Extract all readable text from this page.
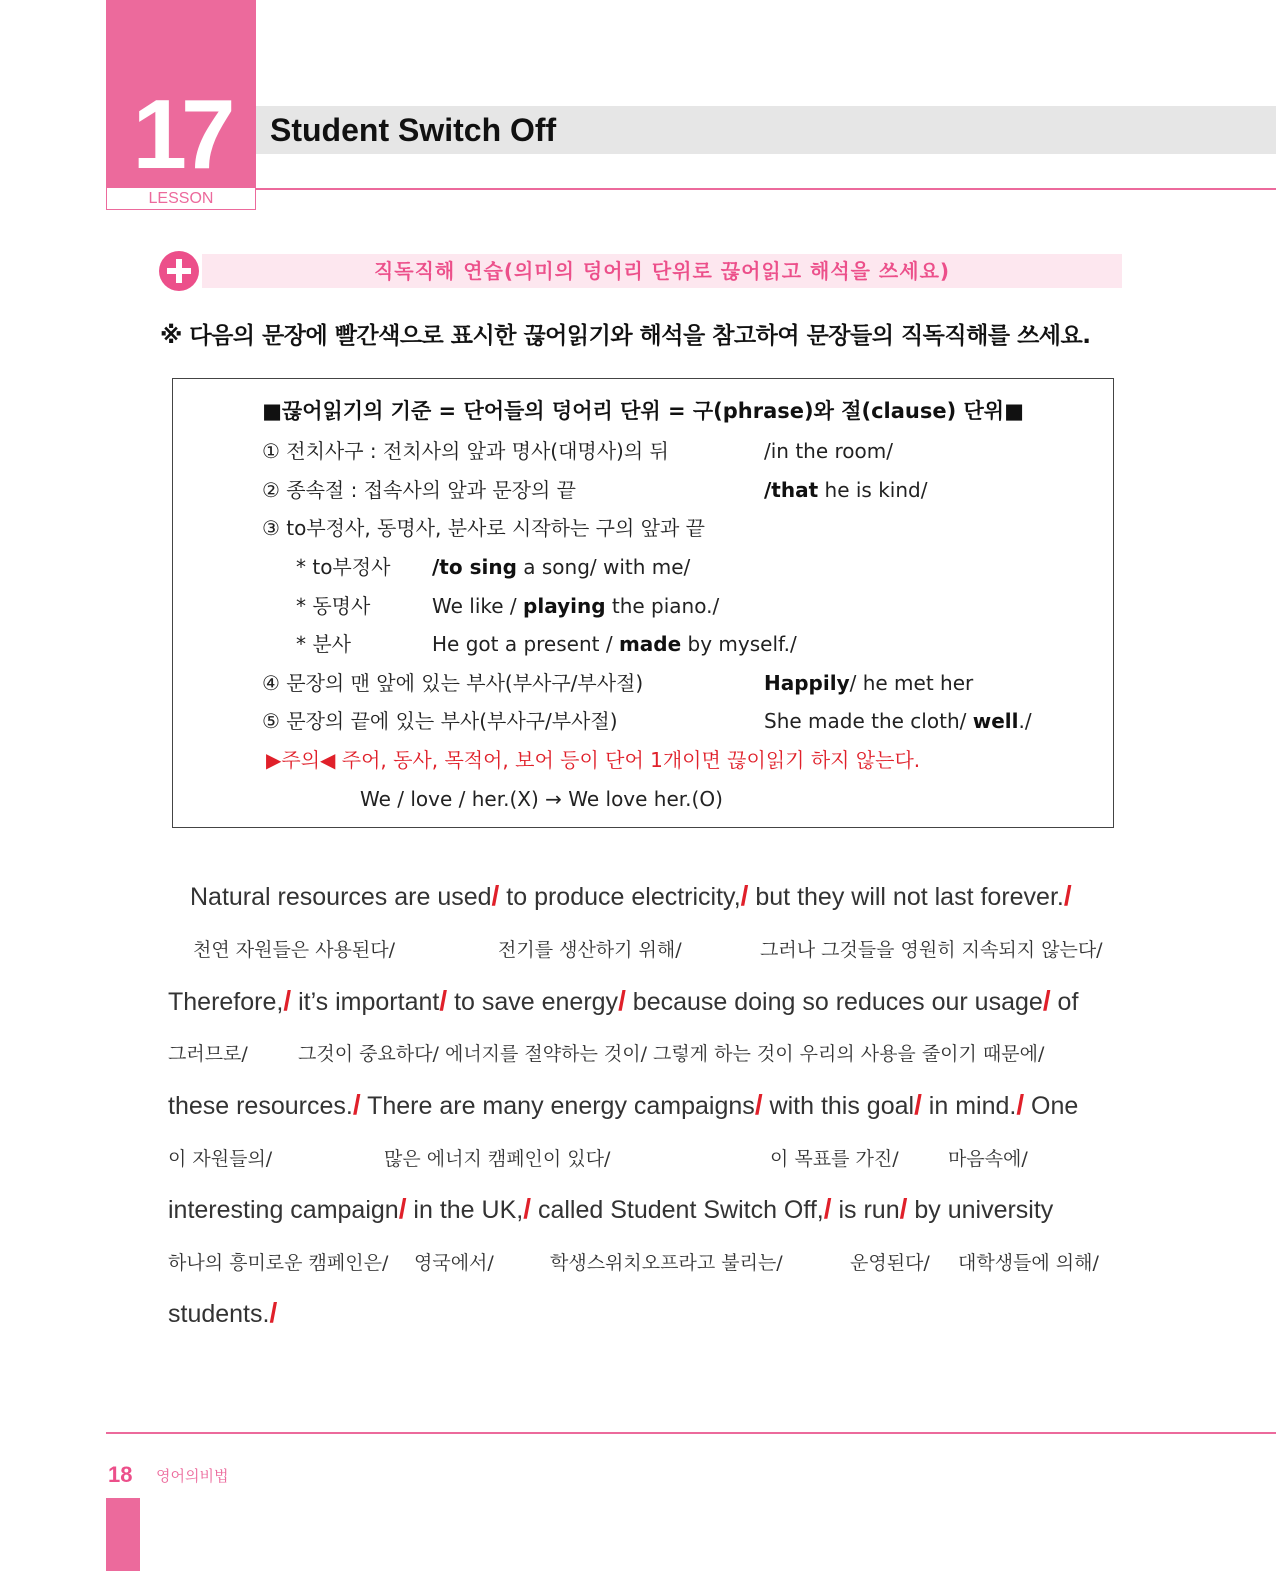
17
LESSON
Student Switch Off
직독직해 연습(의미의 덩어리 단위로 끊어읽고 해석을 쓰세요)
※ 다음의 문장에 빨간색으로 표시한 끊어읽기와 해석을 참고하여 문장들의 직독직해를 쓰세요.
■끊어읽기의 기준 = 단어들의 덩어리 단위 = 구(phrase)와 절(clause) 단위■
① 전치사구 : 전치사의 앞과 명사(대명사)의 뒤	/in the room/
② 종속절 : 접속사의 앞과 문장의 끝	/that he is kind/
③ to부정사, 동명사, 분사로 시작하는 구의 앞과 끝
* to부정사 /to sing a song/ with me/
* 동명사	We like / playing the piano./
* 분사	He got a present / made by myself./
④ 문장의 맨 앞에 있는 부사(부사구/부사절)	Happily/ he met her
⑤ 문장의 끝에 있는 부사(부사구/부사절)	She made the cloth/ well./
▶주의◀ 주어, 동사, 목적어, 보어 등이 단어 1개이면 끊이읽기 하지 않는다.
We / love / her.(X) → We love her.(O)
Natural resources are used/ to produce electricity,/ but they will not last forever./
천연 자원들은 사용된다/	전기를 생산하기 위해/	그러나 그것들을 영원히 지속되지 않는다/
Therefore,/ it’s important/ to save energy/ because doing so reduces our usage/ of
그러므로/	그것이 중요하다/ 에너지를 절약하는 것이/ 그렇게 하는 것이 우리의 사용을 줄이기 때문에/
these resources./ There are many energy campaigns/ with this goal/ in mind./ One
이 자원들의/	많은 에너지 캠페인이 있다/	이 목표를 가진/	마음속에/
interesting campaign/ in the UK,/ called Student Switch Off,/ is run/ by university
하나의 흥미로운 캠페인은/ 영국에서/	학생스위치오프라고 불리는/	운영된다/ 대학생들에 의해/
students./
18 영어의비법
